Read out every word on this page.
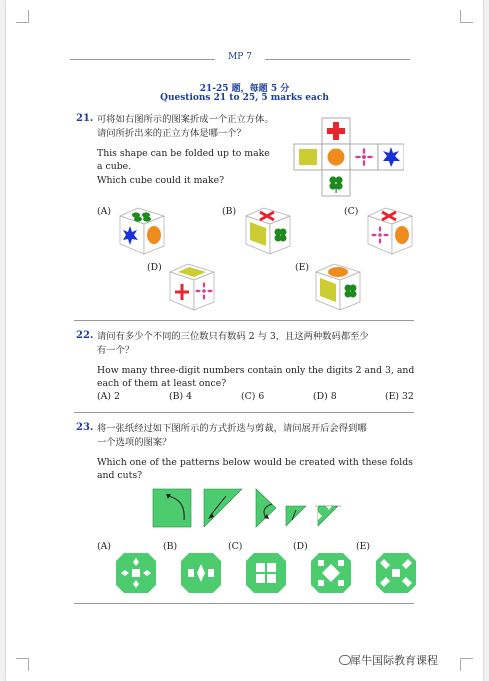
MP 7
21-25 题，每题 5 分
Questions 21 to 25, 5 marks each
21. 可将如右图所示的图案折成一个正立方体。
请问所折出来的正立方体是哪一个？
This shape can be folded up to make
a cube.
Which cube could it make?
(A)	(B)	(C)
(D)	(E)
22. 请问有多少个不同的三位数只有数码 2 与 3，且这两种数码都至少
有一个？
How many three-digit numbers contain only the digits 2 and 3, and
each of them at least once?
(A) 2	(B) 4	(C) 6	(D) 8	(E) 32
23. 将一张纸经过如下图所示的方式折迭与剪裁，请问展开后会得到哪
一个选项的图案？
Which one of the patterns below would be created with these folds
and cuts?
(A)	(B)	(C)	(D)	(E)
犀牛国际教育课程
